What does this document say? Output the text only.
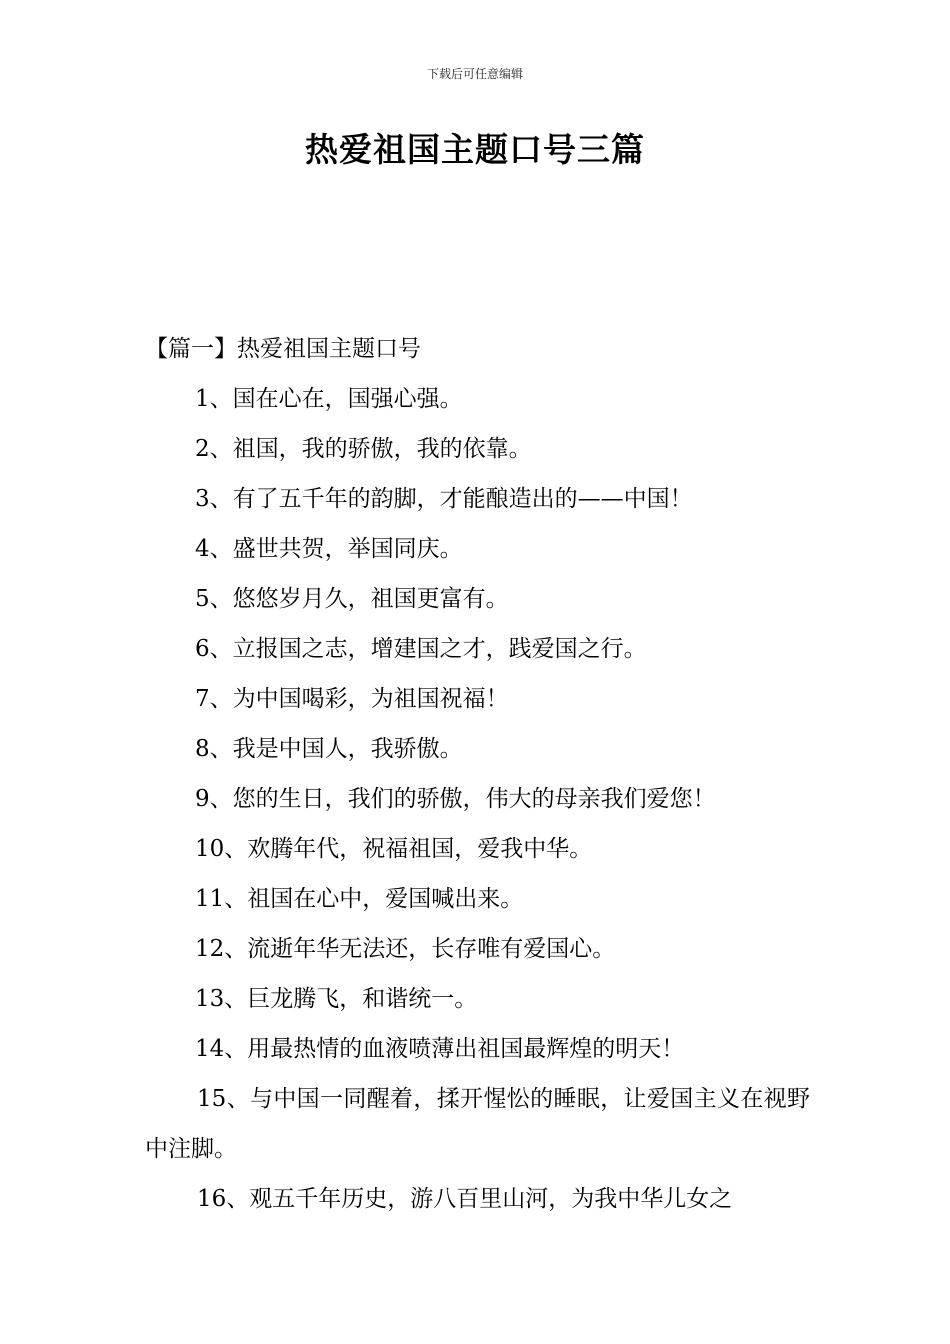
下载后可任意编辑
热爱祖国主题口号三篇
【篇一】热爱祖国主题口号
1、国在心在，国强心强。
2、祖国，我的骄傲，我的依靠。
3、有了五千年的韵脚，才能酿造出的——中国！
4、盛世共贺，举国同庆。
5、悠悠岁月久，祖国更富有。
6、立报国之志，增建国之才，践爱国之行。
7、为中国喝彩，为祖国祝福！
8、我是中国人，我骄傲。
9、您的生日，我们的骄傲，伟大的母亲我们爱您！
10、欢腾年代，祝福祖国，爱我中华。
11、祖国在心中，爱国喊出来。
12、流逝年华无法还，长存唯有爱国心。
13、巨龙腾飞，和谐统一。
14、用最热情的血液喷薄出祖国最辉煌的明天！
15、与中国一同醒着，揉开惺忪的睡眠，让爱国主义在视野中注脚。
16、观五千年历史，游八百里山河，为我中华儿女之
